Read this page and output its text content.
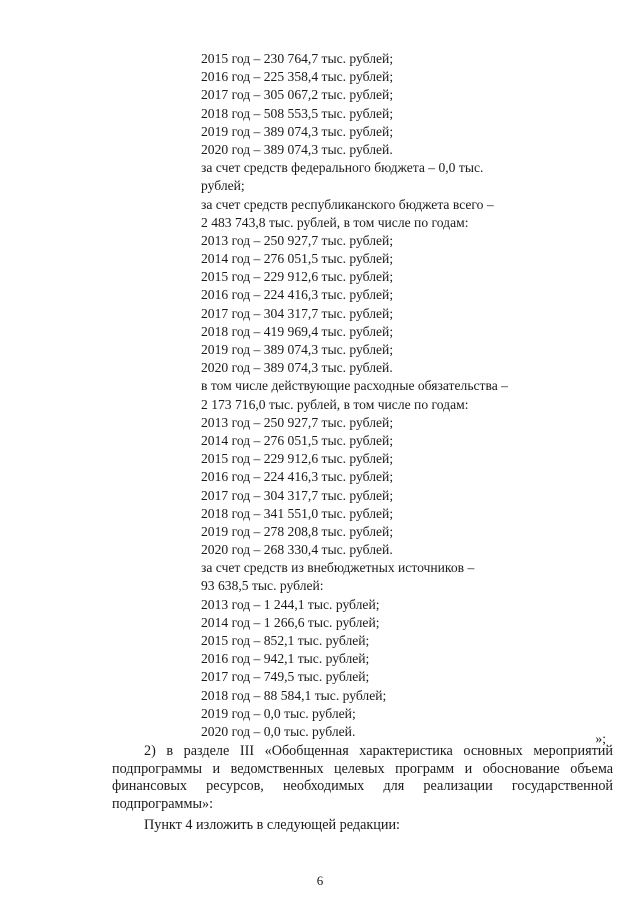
2015 год – 230 764,7 тыс. рублей;
2016 год – 225 358,4 тыс. рублей;
2017 год – 305 067,2 тыс. рублей;
2018 год – 508 553,5 тыс. рублей;
2019 год – 389 074,3 тыс. рублей;
2020 год – 389 074,3 тыс. рублей.
за счет средств федерального бюджета – 0,0 тыс.
рублей;
за счет средств республиканского бюджета всего –
2 483 743,8 тыс. рублей, в том числе по годам:
2013 год – 250 927,7 тыс. рублей;
2014 год – 276 051,5 тыс. рублей;
2015 год – 229 912,6 тыс. рублей;
2016 год – 224 416,3 тыс. рублей;
2017 год – 304 317,7 тыс. рублей;
2018 год – 419 969,4 тыс. рублей;
2019 год – 389 074,3 тыс. рублей;
2020 год – 389 074,3 тыс. рублей.
в том числе действующие расходные обязательства –
2 173 716,0 тыс. рублей, в том числе по годам:
2013 год – 250 927,7 тыс. рублей;
2014 год – 276 051,5 тыс. рублей;
2015 год – 229 912,6 тыс. рублей;
2016 год – 224 416,3 тыс. рублей;
2017 год – 304 317,7 тыс. рублей;
2018 год – 341 551,0 тыс. рублей;
2019 год – 278 208,8 тыс. рублей;
2020 год – 268 330,4 тыс. рублей.
за счет средств из внебюджетных источников –
93 638,5 тыс. рублей:
2013 год – 1 244,1 тыс. рублей;
2014 год – 1 266,6 тыс. рублей;
2015 год – 852,1 тыс. рублей;
2016 год – 942,1 тыс. рублей;
2017 год – 749,5 тыс. рублей;
2018 год – 88 584,1 тыс. рублей;
2019 год – 0,0 тыс. рублей;
2020 год – 0,0 тыс. рублей.	»;
2) в разделе III «Обобщенная характеристика основных мероприятий подпрограммы и ведомственных целевых программ и обоснование объема финансовых ресурсов, необходимых для реализации государственной подпрограммы»:
Пункт 4 изложить в следующей редакции:
6
